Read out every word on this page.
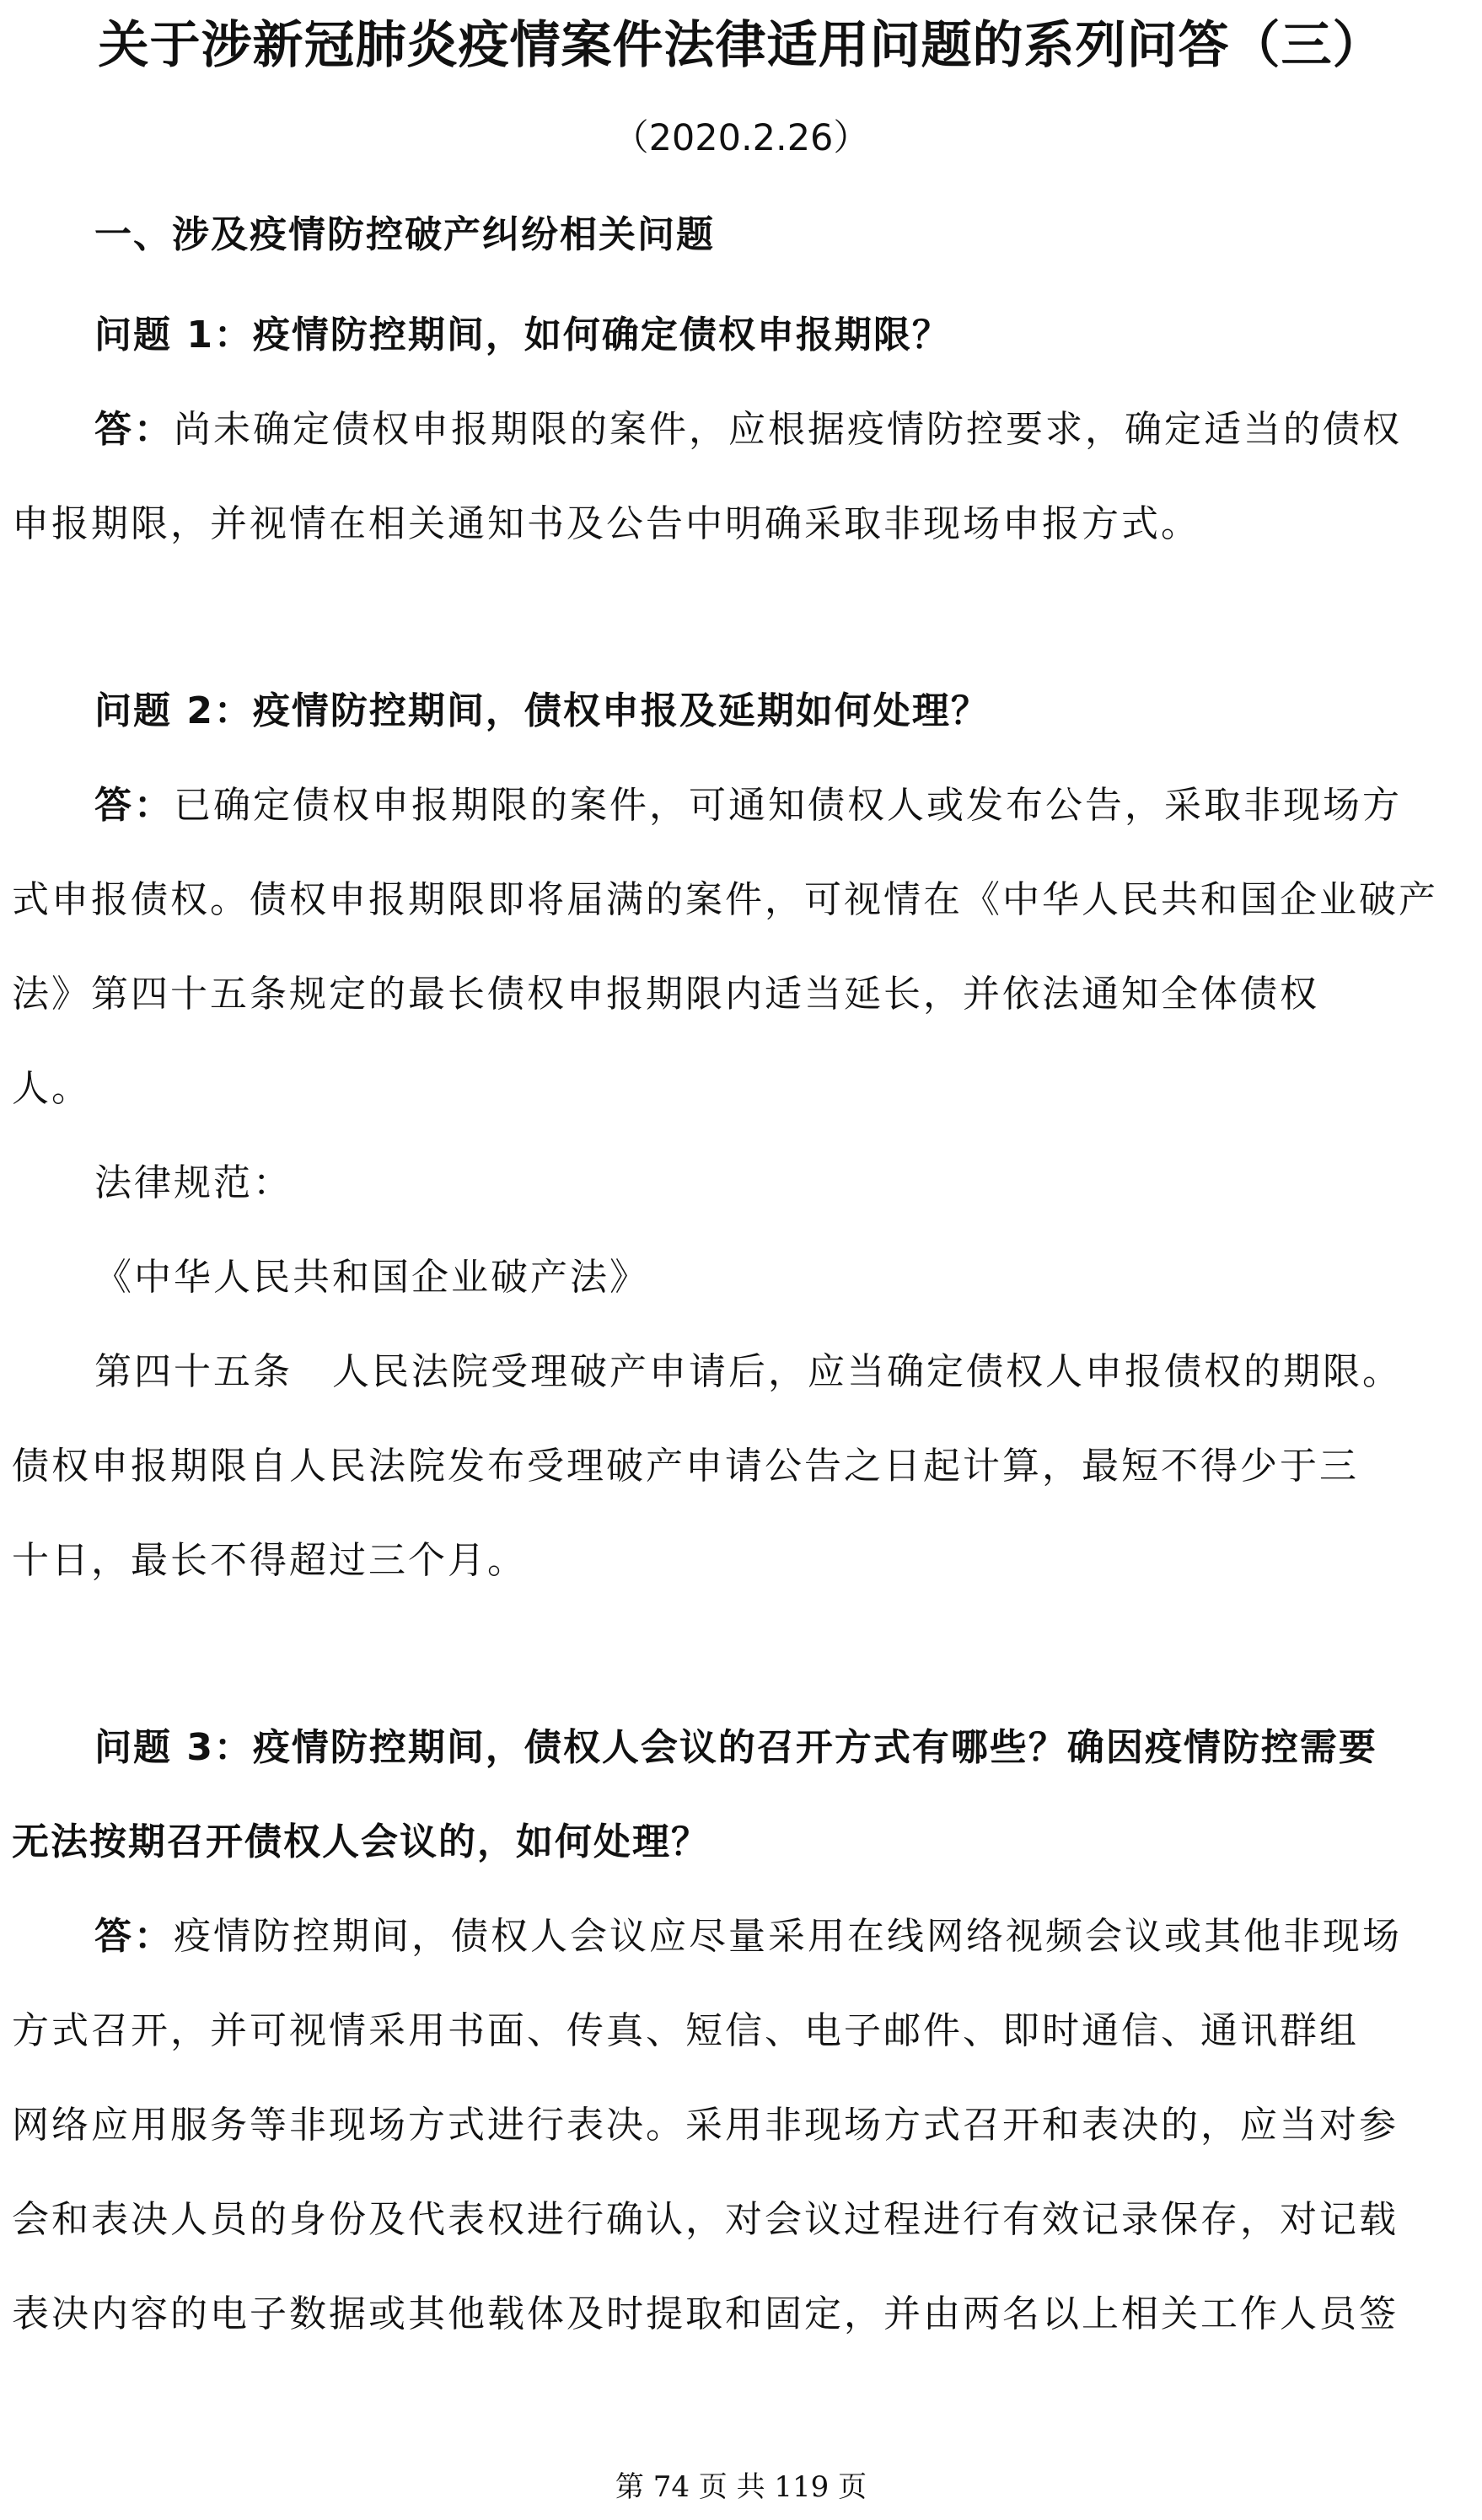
关于涉新冠肺炎疫情案件法律适用问题的系列问答（三）
（2020.2.26）
一、涉及疫情防控破产纠纷相关问题
问题 1：疫情防控期间，如何确定债权申报期限？
答：尚未确定债权申报期限的案件，应根据疫情防控要求，确定适当的债权
申报期限，并视情在相关通知书及公告中明确采取非现场申报方式。
问题 2：疫情防控期间，债权申报及延期如何处理？
答：已确定债权申报期限的案件，可通知债权人或发布公告，采取非现场方
式申报债权。债权申报期限即将届满的案件，可视情在《中华人民共和国企业破产
法》第四十五条规定的最长债权申报期限内适当延长，并依法通知全体债权
人。
法律规范：
《中华人民共和国企业破产法》
第四十五条　人民法院受理破产申请后，应当确定债权人申报债权的期限。
债权申报期限自人民法院发布受理破产申请公告之日起计算，最短不得少于三
十日，最长不得超过三个月。
问题 3：疫情防控期间，债权人会议的召开方式有哪些？确因疫情防控需要
无法按期召开债权人会议的，如何处理？
答：疫情防控期间，债权人会议应尽量采用在线网络视频会议或其他非现场
方式召开，并可视情采用书面、传真、短信、电子邮件、即时通信、通讯群组
网络应用服务等非现场方式进行表决。采用非现场方式召开和表决的，应当对参
会和表决人员的身份及代表权进行确认，对会议过程进行有效记录保存，对记载
表决内容的电子数据或其他载体及时提取和固定，并由两名以上相关工作人员签
第 74 页 共 119 页
